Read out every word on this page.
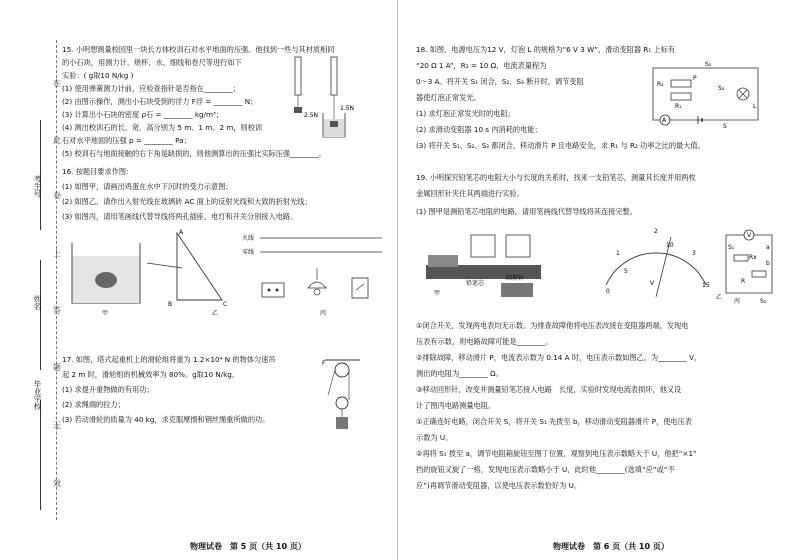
考生号
姓名
毕业学校
在
此
卷
上
答
题
无
效
15. 小明想测量校园里一块长方体校训石对水平地面的压强。他找到一些与其材质相同
的小石块，用测力计、烧杯、水、细线和卷尺等进行如下
实验：( g取10 N/kg )
(1) 使用弹簧测力计前，应检查指针是否指在________；
(2) 由图示操作，测出小石块受到的浮力 F浮 = ________ N；
(3) 计算出小石块的密度 ρ石 = ________ kg/m³；
(4) 测出校训石的长、宽、高分别为 5 m、1 m、2 m，则校训
石对水平地面的压强 p = ________ Pa；
(5) 校训石与地面接触的右下角是缺损的，则他测算出的压强比实际压强________。
2.5N
1.5N
16. 按题目要求作图：
(1) 如图甲，请画出鸡蛋在水中下沉时的受力示意图；
(2) 如图乙，请作出入射光线在玻璃砖 AC 面上的反射光线和大致的折射光线；
(3) 如图丙，请用笔画线代替导线将两孔插座、电灯和开关分别接入电路。
甲
A
B	C
乙
火线
零线
丙
17. 如图，塔式起重机上的滑轮组将重为 1.2×10⁴ N 的物体匀速吊
起 2 m 时，滑轮组的机械效率为 80%。g取10 N/kg。
(1) 求提升重物做的有用功；
(2) 求绳端的拉力；
(3) 若动滑轮的质量为 40 kg，求克服摩擦和钢丝绳重所做的功。
F
物理试卷　第 5 页（共 10 页）
18. 如图，电源电压为12 V，灯泡 L 的规格为“6 V 3 W”，滑动变阻器 R₁ 上标有
“20 Ω 1 A”，R₂ = 10 Ω，电流表量程为
0～3 A。将开关 S₁ 闭合，S₂、S₃ 断开时，调节变阻
器使灯泡正常发光。
(1) 求灯泡正常发光时的电阻；
(2) 求滑动变阻器 10 s 内消耗的电能；
(3) 将开关 S₁、S₂、S₃ 都闭合，移动滑片 P 且电路安全，求 R₁ 与 R₂ 功率之比的最大值。
S₂
P
R₂
R₁
S₃
L
A
S
19. 小明探究铅笔芯的电阻大小与长度的关系时，找来一支铅笔芯，测量其长度并用两枚
金属回形针夹住其两端进行实验。
(1) 图甲是测铅笔芯电阻的电路，请用笔画线代替导线将其连接完整。
甲
铅笔芯
回形针
V
0
1
2
3
5
10
15
乙
V
Rx
R
S₁
S₂
a
b
丙
①闭合开关，发现两电表均无示数。为排查故障他将电压表改接在变阻器两端，发现电
压表有示数，则电路故障可能是________。
②排除故障，移动滑片 P，电流表示数为 0.14 A 时，电压表示数如图乙，为________ V，
测出的电阻为________ Ω。
③移动回形针，改变并测量铅笔芯接入电路　长度，实验时发现电流表损坏，他又设
计了图丙电路测量电阻。
①正确连好电路，闭合开关 S，将开关 S₁ 先拨至 b，移动滑动变阻器滑片 P，使电压表
示数为 U。
②再将 S₁ 拨至 a，调节电阻箱旋钮至图丁位置，观察到电压表示数略大于 U，他把“×1”
挡的旋钮又旋了一格，发现电压表示数略小于 U，此时他________(选填“应”或“不
应”)再调节滑动变阻器，以使电压表示数恰好为 U。
物理试卷　第 6 页（共 10 页）
